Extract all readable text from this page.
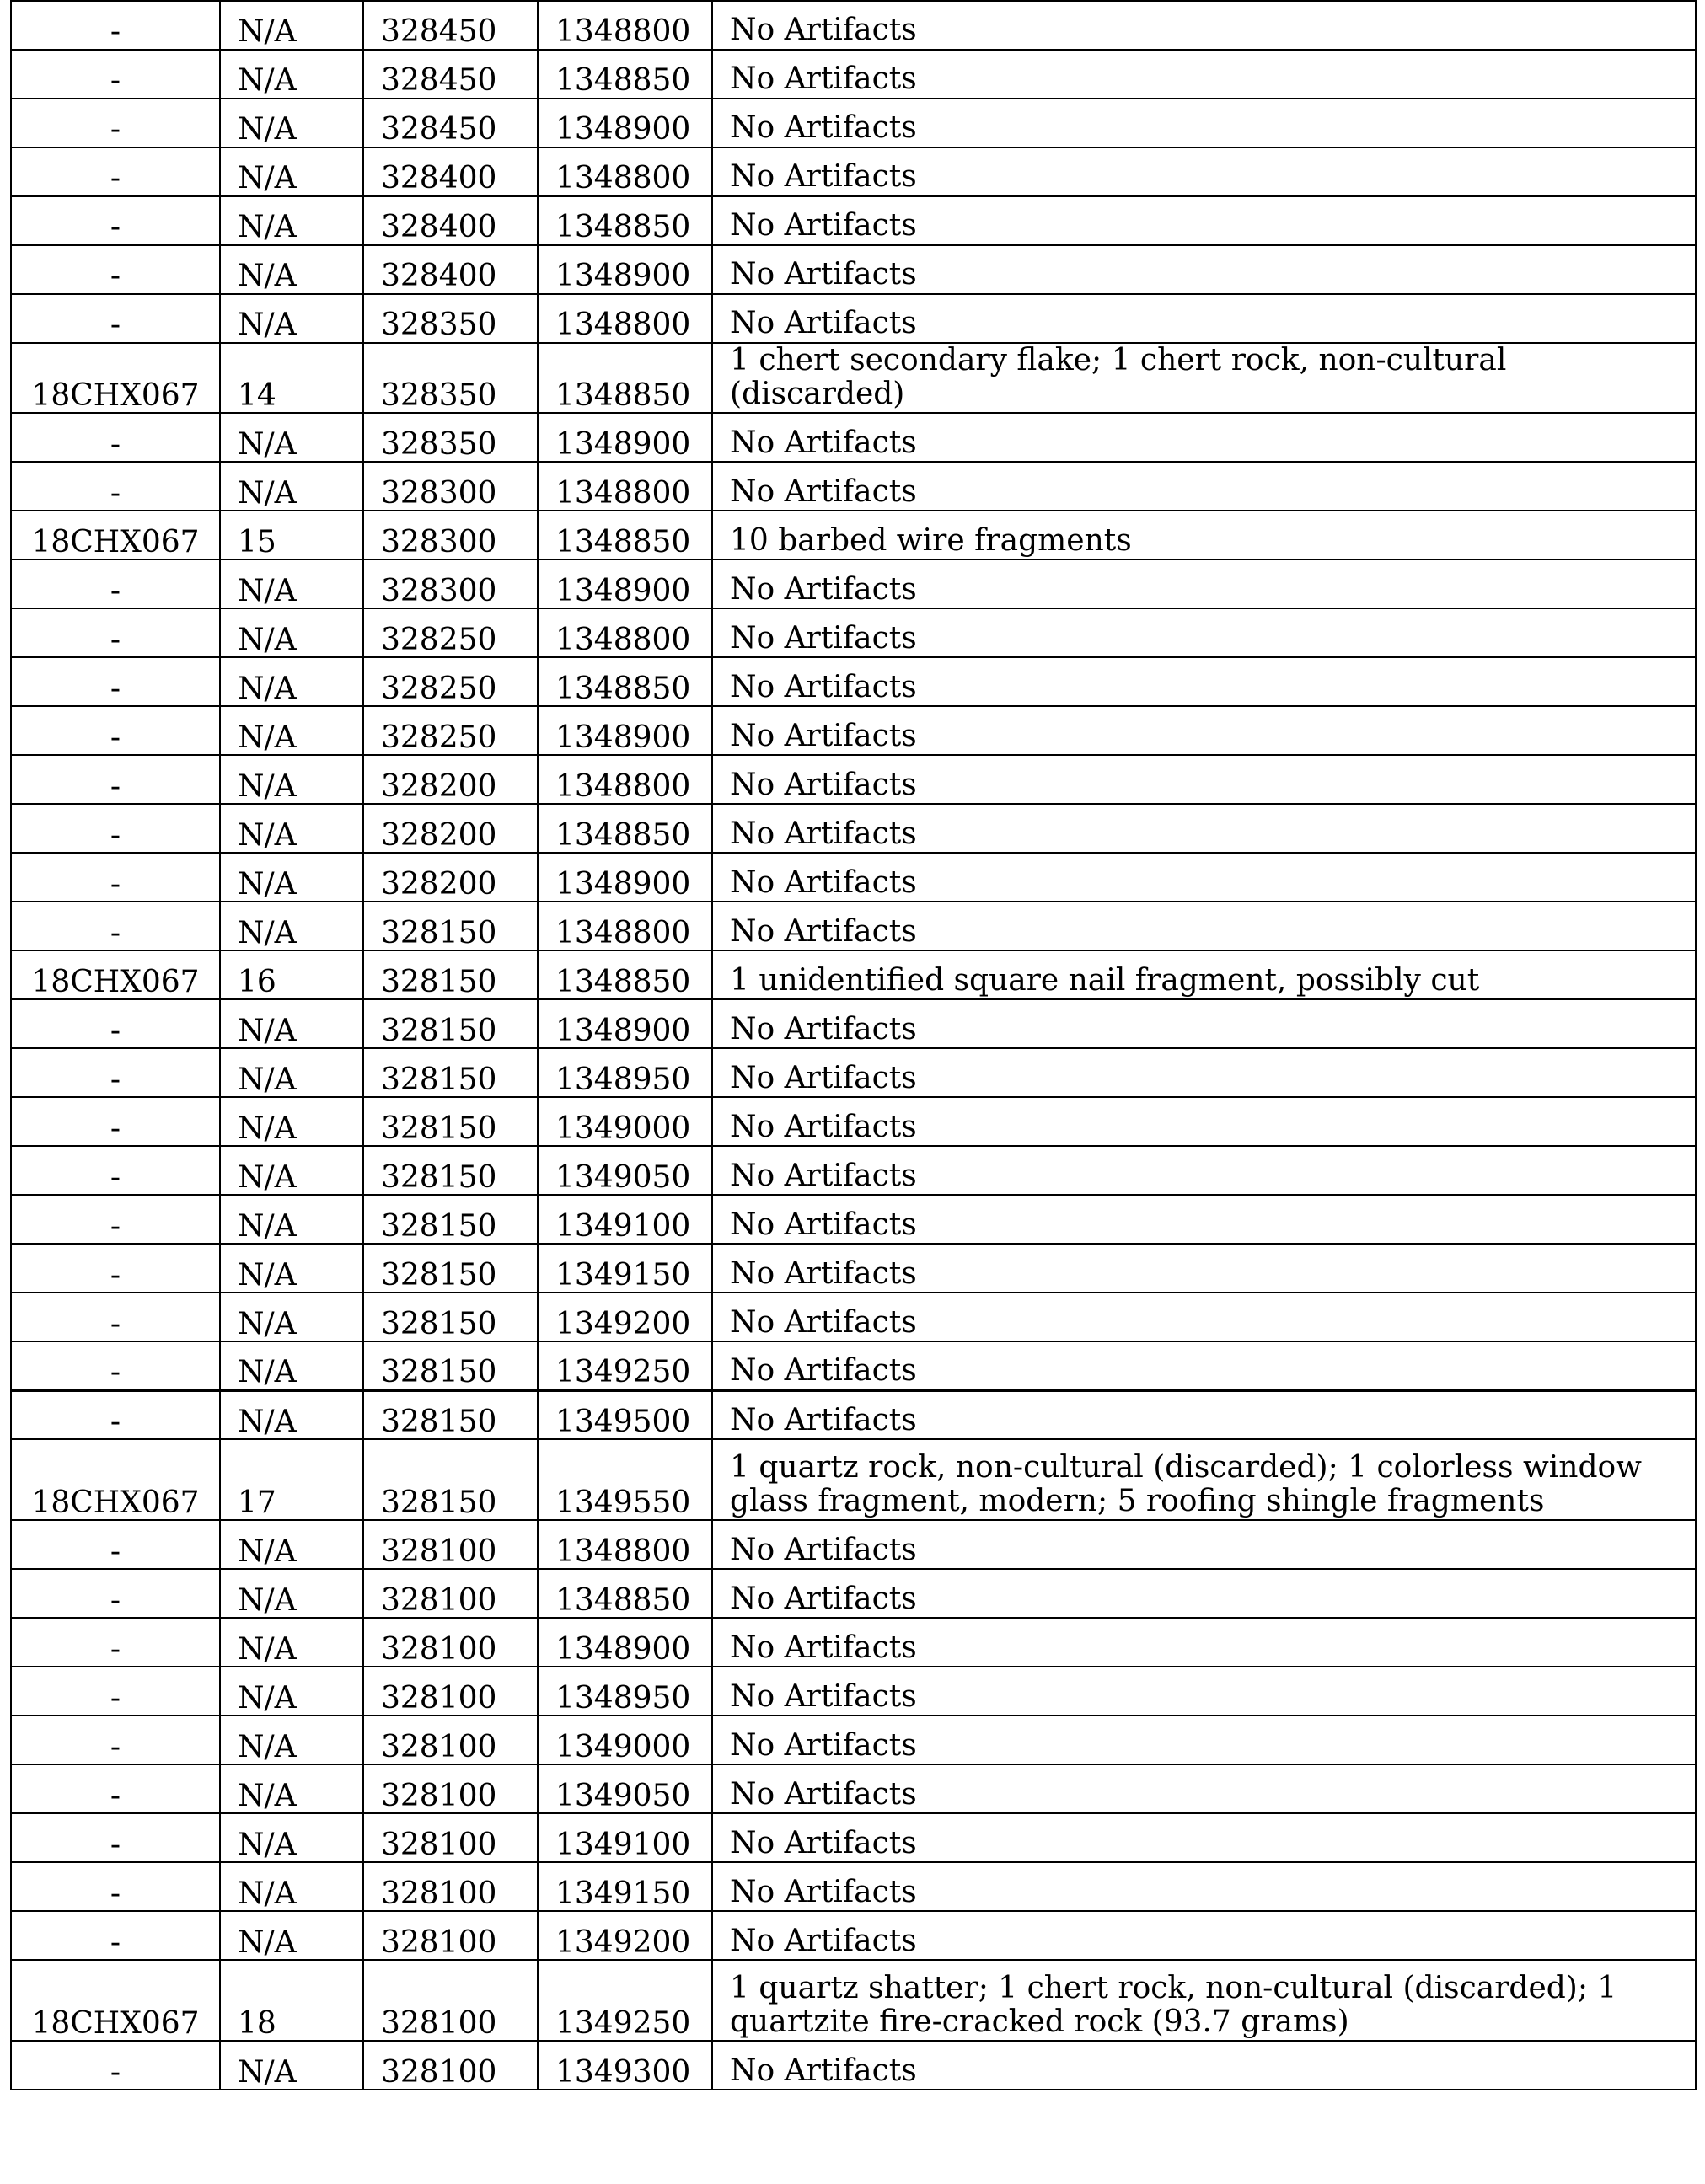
-	N/A	328450	1348800	No Artifacts
-	N/A	328450	1348850	No Artifacts
-	N/A	328450	1348900	No Artifacts
-	N/A	328400	1348800	No Artifacts
-	N/A	328400	1348850	No Artifacts
-	N/A	328400	1348900	No Artifacts
-	N/A	328350	1348800	No Artifacts
18CHX067	14	328350	1348850	1 chert secondary flake; 1 chert rock, non-cultural (discarded)
-	N/A	328350	1348900	No Artifacts
-	N/A	328300	1348800	No Artifacts
18CHX067	15	328300	1348850	10 barbed wire fragments
-	N/A	328300	1348900	No Artifacts
-	N/A	328250	1348800	No Artifacts
-	N/A	328250	1348850	No Artifacts
-	N/A	328250	1348900	No Artifacts
-	N/A	328200	1348800	No Artifacts
-	N/A	328200	1348850	No Artifacts
-	N/A	328200	1348900	No Artifacts
-	N/A	328150	1348800	No Artifacts
18CHX067	16	328150	1348850	1 unidentified square nail fragment, possibly cut
-	N/A	328150	1348900	No Artifacts
-	N/A	328150	1348950	No Artifacts
-	N/A	328150	1349000	No Artifacts
-	N/A	328150	1349050	No Artifacts
-	N/A	328150	1349100	No Artifacts
-	N/A	328150	1349150	No Artifacts
-	N/A	328150	1349200	No Artifacts
-	N/A	328150	1349250	No Artifacts
-	N/A	328150	1349500	No Artifacts
18CHX067	17	328150	1349550	1 quartz rock, non-cultural (discarded); 1 colorless window glass fragment, modern; 5 roofing shingle fragments
-	N/A	328100	1348800	No Artifacts
-	N/A	328100	1348850	No Artifacts
-	N/A	328100	1348900	No Artifacts
-	N/A	328100	1348950	No Artifacts
-	N/A	328100	1349000	No Artifacts
-	N/A	328100	1349050	No Artifacts
-	N/A	328100	1349100	No Artifacts
-	N/A	328100	1349150	No Artifacts
-	N/A	328100	1349200	No Artifacts
18CHX067	18	328100	1349250	1 quartz shatter; 1 chert rock, non-cultural (discarded); 1 quartzite fire-cracked rock (93.7 grams)
-	N/A	328100	1349300	No Artifacts
